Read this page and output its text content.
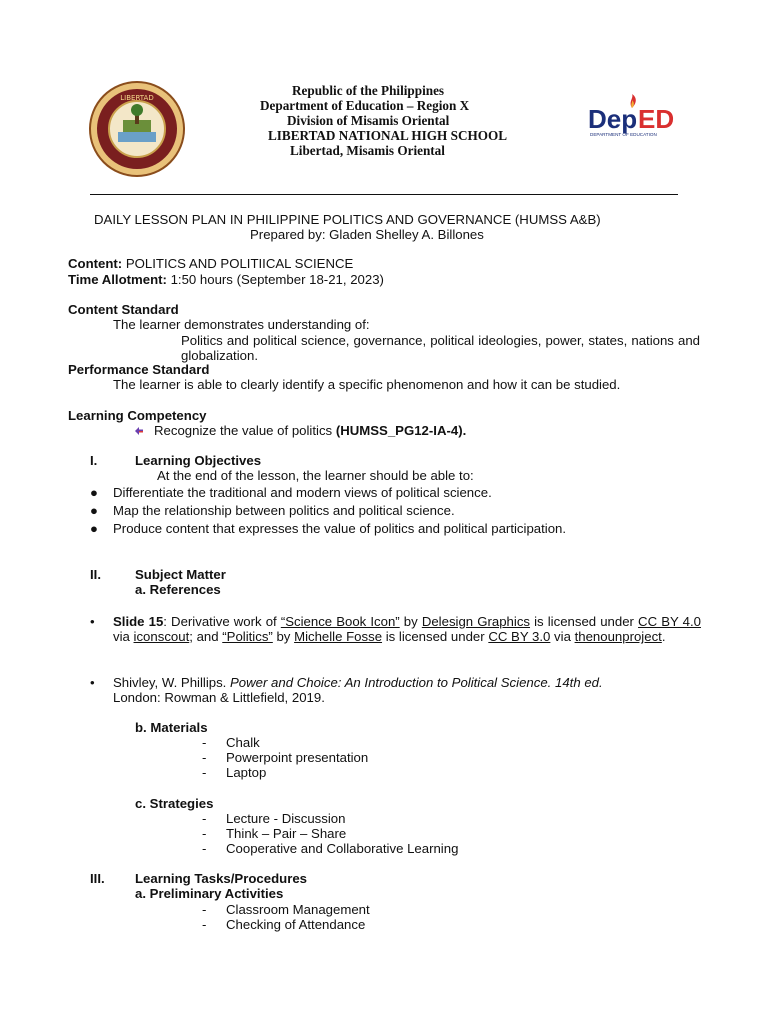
LIBERTAD	Republic of the Philippines
Department of Education – Region X
Division of Misamis Oriental
LIBERTAD NATIONAL HIGH SCHOOL
Libertad, Misamis Oriental
Dep ED
DEPARTMENT OF EDUCATION
DAILY LESSON PLAN IN PHILIPPINE POLITICS AND GOVERNANCE (HUMSS A&B)
Prepared by: Gladen Shelley A. Billones
Content: POLITICS AND POLITIICAL SCIENCE
Time Allotment: 1:50 hours (September 18-21, 2023)
Content Standard
The learner demonstrates understanding of:
Politics and political science, governance, political ideologies, power, states, nations and globalization.
Performance Standard
The learner is able to clearly identify a specific phenomenon and how it can be studied.
Learning Competency
Recognize the value of politics (HUMSS_PG12-IA-4).
I.	Learning Objectives
At the end of the lesson, the learner should be able to:
● Differentiate the traditional and modern views of political science.
● Map the relationship between politics and political science.
● Produce content that expresses the value of politics and political participation.
II.	Subject Matter
a. References
• Slide 15: Derivative work of “Science Book Icon” by Delesign Graphics is licensed under CC BY 4.0 via iconscout; and “Politics” by Michelle Fosse is licensed under CC BY 3.0 via thenounproject.
• Shivley, W. Phillips. Power and Choice: An Introduction to Political Science. 14th ed.
London: Rowman & Littlefield, 2019.
b. Materials
- Chalk
- Powerpoint presentation
- Laptop
c. Strategies
- Lecture - Discussion
- Think – Pair – Share
- Cooperative and Collaborative Learning
III. Learning Tasks/Procedures
a. Preliminary Activities
- Classroom Management
- Checking of Attendance
